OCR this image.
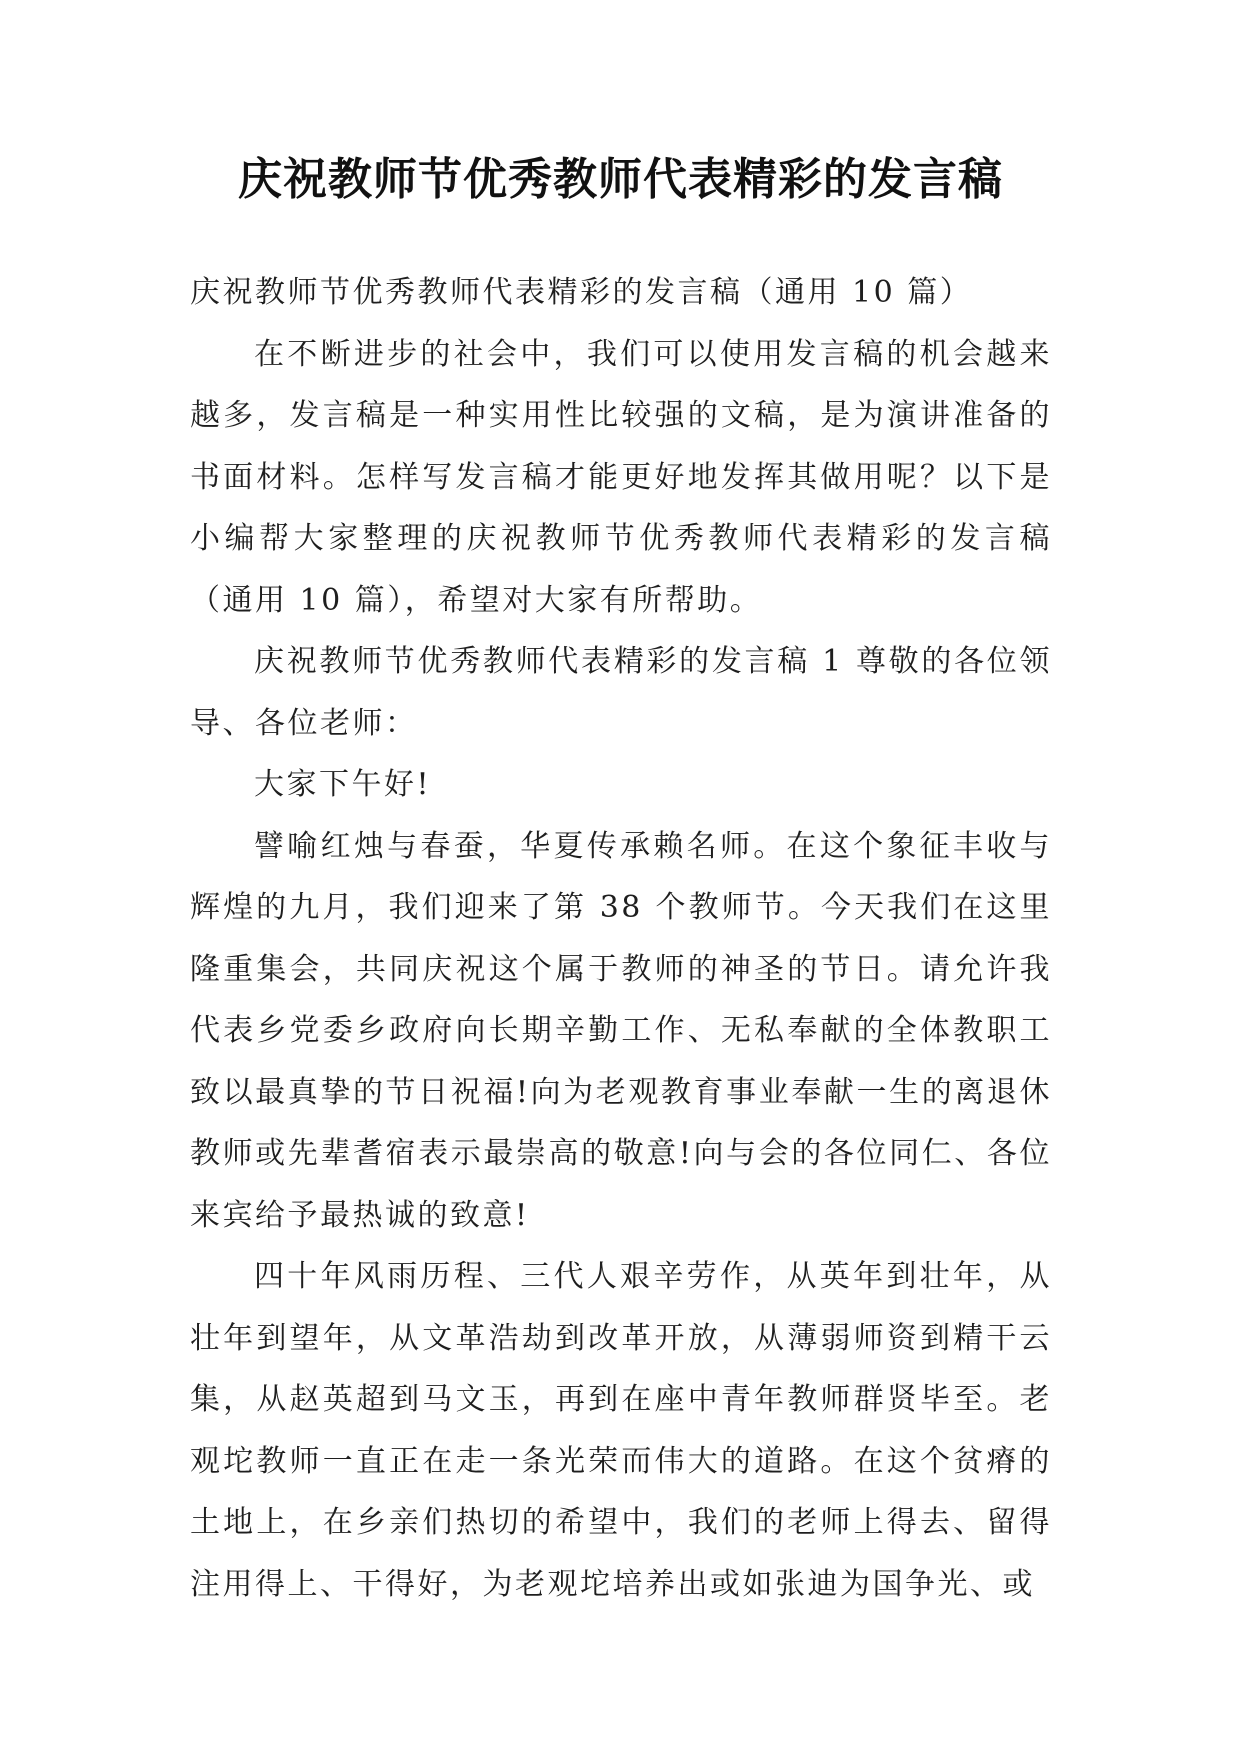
庆祝教师节优秀教师代表精彩的发言稿

庆祝教师节优秀教师代表精彩的发言稿（通用 10 篇）

在不断进步的社会中，我们可以使用发言稿的机会越来越多，发言稿是一种实用性比较强的文稿，是为演讲准备的书面材料。怎样写发言稿才能更好地发挥其做用呢？以下是小编帮大家整理的庆祝教师节优秀教师代表精彩的发言稿（通用 10 篇），希望对大家有所帮助。

庆祝教师节优秀教师代表精彩的发言稿 1 尊敬的各位领导、各位老师：

大家下午好!

譬喻红烛与春蚕，华夏传承赖名师。在这个象征丰收与辉煌的九月，我们迎来了第 38 个教师节。今天我们在这里隆重集会，共同庆祝这个属于教师的神圣的节日。请允许我代表乡党委乡政府向长期辛勤工作、无私奉献的全体教职工致以最真挚的节日祝福!向为老观教育事业奉献一生的离退休教师或先辈耆宿表示最崇高的敬意!向与会的各位同仁、各位来宾给予最热诚的致意!

四十年风雨历程、三代人艰辛劳作，从英年到壮年，从壮年到望年，从文革浩劫到改革开放，从薄弱师资到精干云集，从赵英超到马文玉，再到在座中青年教师群贤毕至。老观坨教师一直正在走一条光荣而伟大的道路。在这个贫瘠的土地上，在乡亲们热切的希望中，我们的老师上得去、留得注用得上、干得好，为老观坨培养出或如张迪为国争光、或
